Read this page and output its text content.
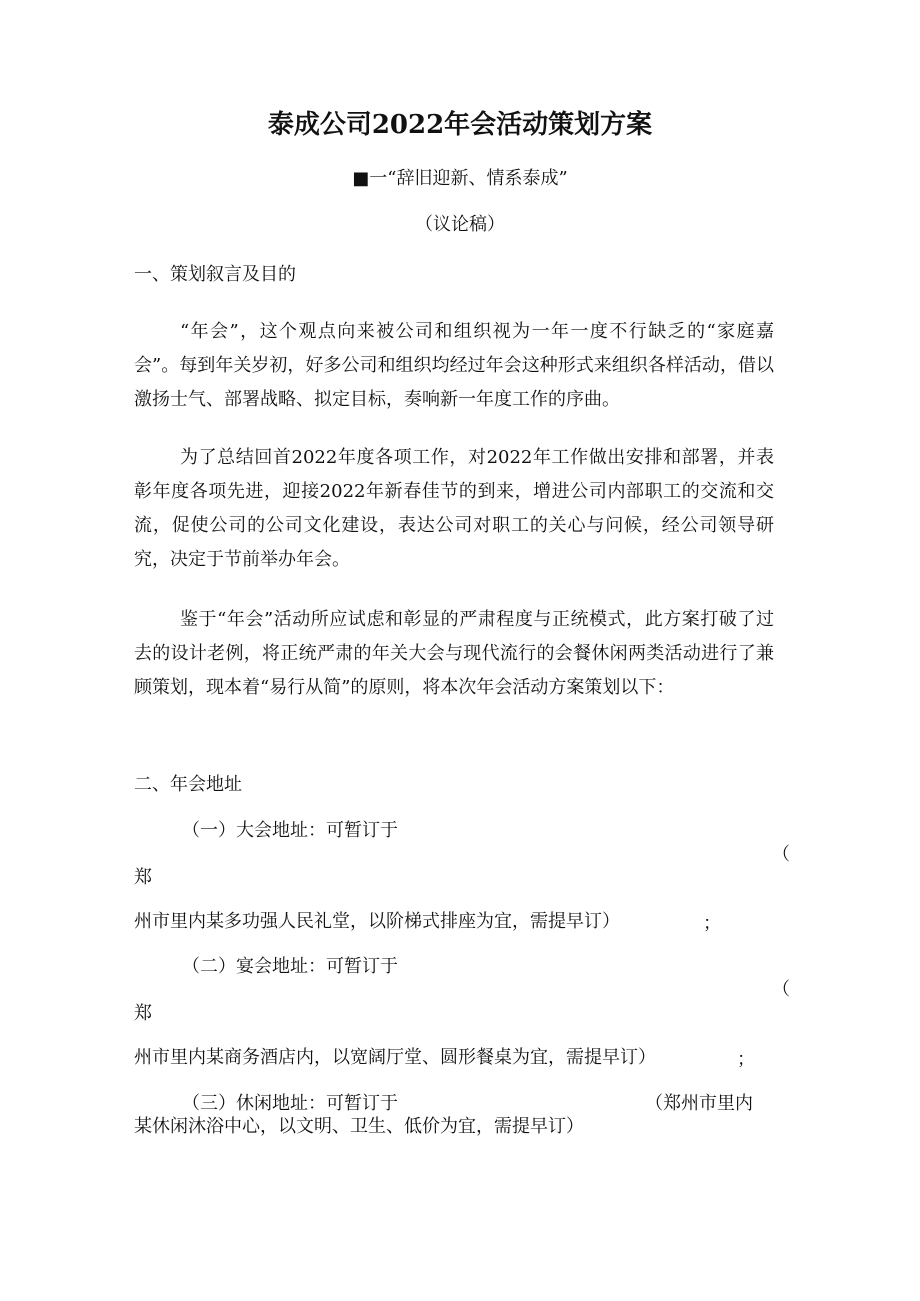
泰成公司2022年会活动策划方案
■一“辞旧迎新、情系泰成”
（议论稿）
一、策划叙言及目的

“年会”，这个观点向来被公司和组织视为一年一度不行缺乏的“家庭嘉会”。每到年关岁初，好多公司和组织均经过年会这种形式来组织各样活动，借以激扬士气、部署战略、拟定目标，奏响新一年度工作的序曲。

为了总结回首2022年度各项工作，对2022年工作做出安排和部署，并表彰年度各项先进，迎接2022年新春佳节的到来，增进公司内部职工的交流和交流，促使公司的公司文化建设，表达公司对职工的关心与问候，经公司领导研究，决定于节前举办年会。

鉴于“年会”活动所应试虑和彰显的严肃程度与正统模式，此方案打破了过去的设计老例，将正统严肃的年关大会与现代流行的会餐休闲两类活动进行了兼顾策划，现本着“易行从简”的原则，将本次年会活动方案策划以下：

二、年会地址
（一）大会地址：可暂订于
（
郑
州市里内某多功强人民礼堂，以阶梯式排座为宜，需提早订）	；
（二）宴会地址：可暂订于
（
郑
州市里内某商务酒店内，以宽阔厅堂、圆形餐桌为宜，需提早订）	；
（三）休闲地址：可暂订于	（郑州市里内
某休闲沐浴中心，以文明、卫生、低价为宜，需提早订）
